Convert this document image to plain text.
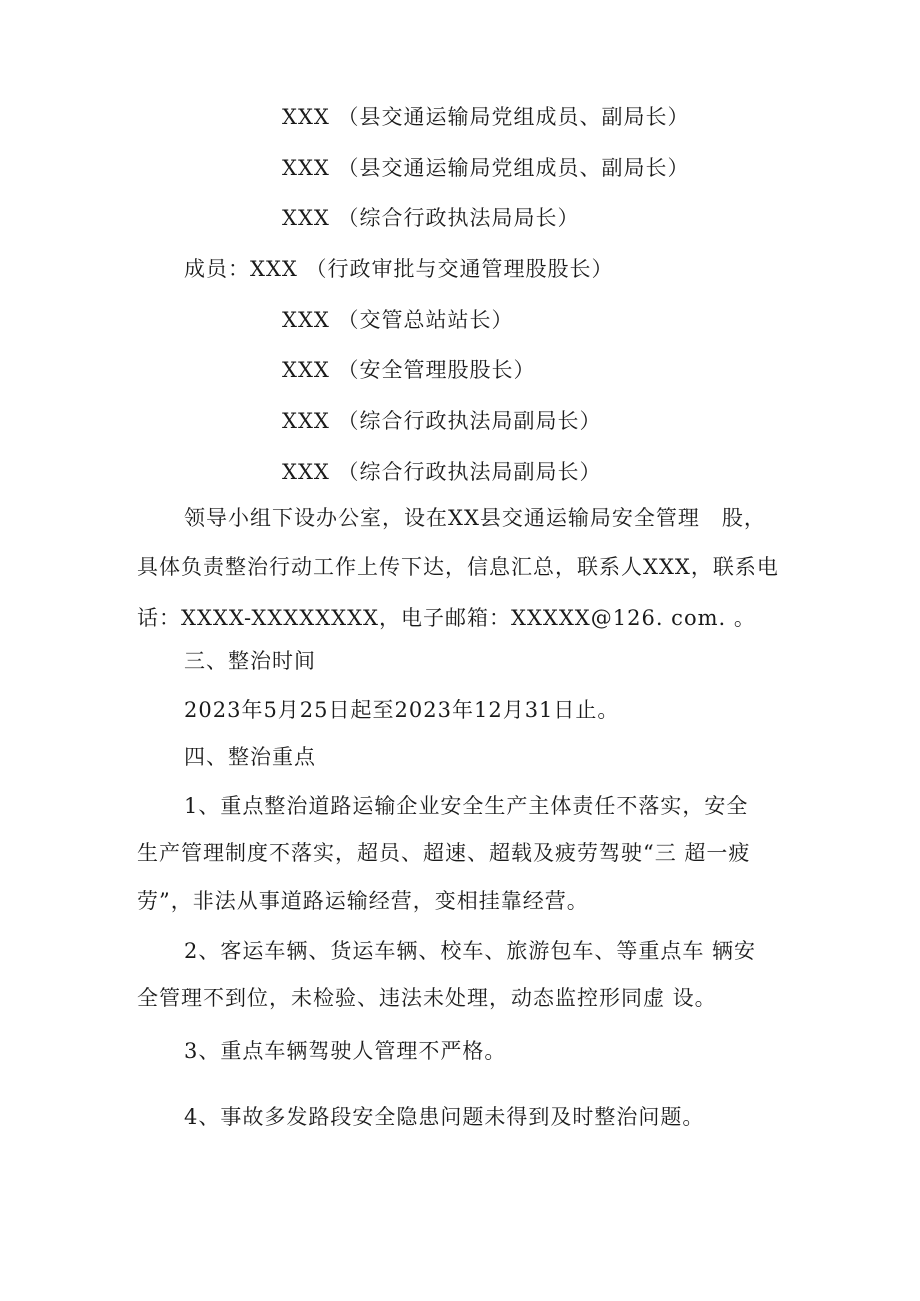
XXX （县交通运输局党组成员、副局长）
XXX （县交通运输局党组成员、副局长）
XXX （综合行政执法局局长）
成员：XXX （行政审批与交通管理股股长）
XXX （交管总站站长）
XXX （安全管理股股长）
XXX （综合行政执法局副局长）
XXX （综合行政执法局副局长）
领导小组下设办公室，设在XX县交通运输局安全管理　股，
具体负责整治行动工作上传下达，信息汇总，联系人XXX，联系电
话：XXXX-XXXXXXXX，电子邮箱：XXXXX@126. com. 。
三、整治时间
2023年5月25日起至2023年12月31日止。
四、整治重点
1、重点整治道路运输企业安全生产主体责任不落实，安全
生产管理制度不落实，超员、超速、超载及疲劳驾驶“三 超一疲
劳”，非法从事道路运输经营，变相挂靠经营。
2、客运车辆、货运车辆、校车、旅游包车、等重点车 辆安
全管理不到位，未检验、违法未处理，动态监控形同虚 设。
3、重点车辆驾驶人管理不严格。
4、事故多发路段安全隐患问题未得到及时整治问题。
